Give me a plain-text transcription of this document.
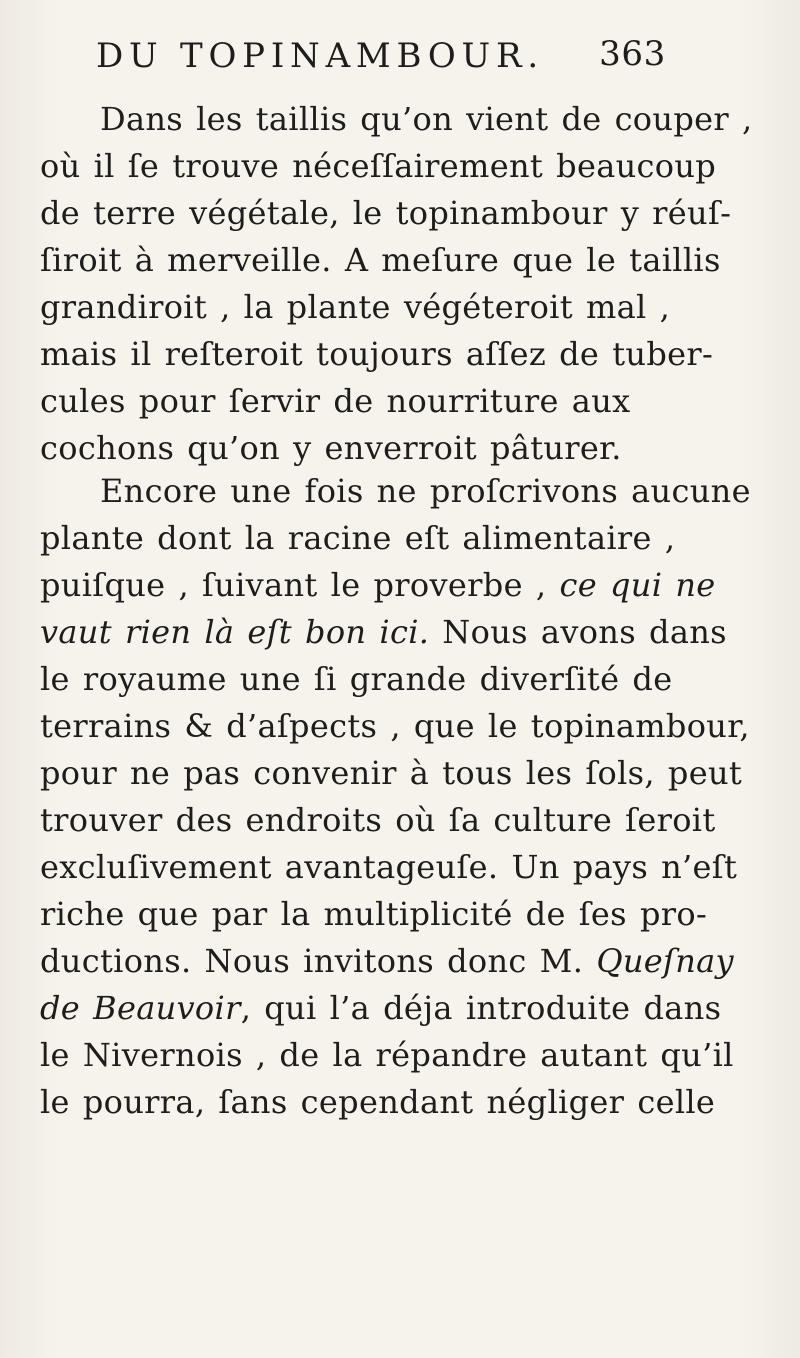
DU TOPINAMBOUR. 363

Dans les taillis qu’on vient de couper ,
où il ſe trouve néceſſairement beaucoup
de terre végétale, le topinambour y réuſ-
ſiroit à merveille. A meſure que le taillis
grandiroit , la plante végéteroit mal ,
mais il reſteroit toujours aſſez de tuber-
cules pour ſervir de nourriture aux
cochons qu’on y enverroit pâturer.

Encore une fois ne proſcrivons aucune
plante dont la racine eſt alimentaire ,
puiſque , ſuivant le proverbe , ce qui ne
vaut rien là eſt bon ici. Nous avons dans
le royaume une ſi grande diverſité de
terrains & d’aſpects , que le topinambour,
pour ne pas convenir à tous les ſols, peut
trouver des endroits où ſa culture ſeroit
excluſivement avantageuſe. Un pays n’eſt
riche que par la multiplicité de ſes pro-
ductions. Nous invitons donc M. Queſnay
de Beauvoir, qui l’a déja introduite dans
le Nivernois , de la répandre autant qu’il
le pourra, ſans cependant négliger celle
